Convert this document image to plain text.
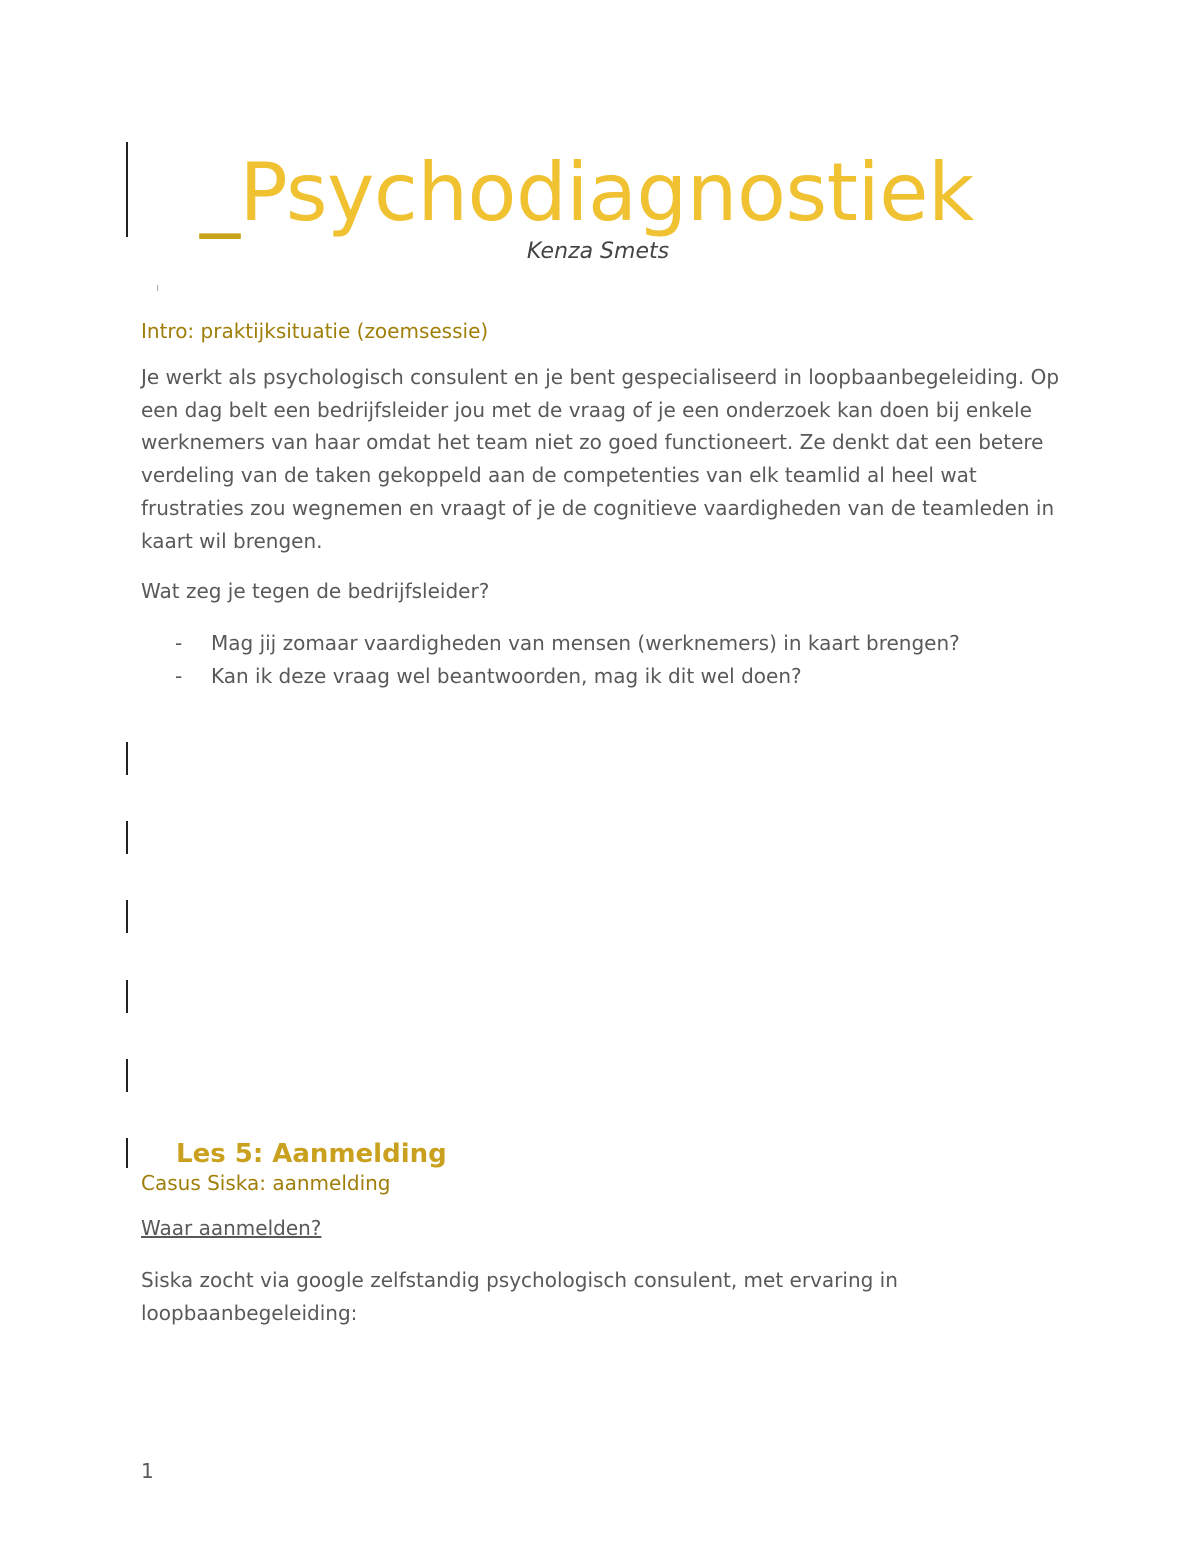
_Psychodiagnostiek
Kenza Smets
Intro: praktijksituatie (zoemsessie)

Je werkt als psychologisch consulent en je bent gespecialiseerd in loopbaanbegeleiding. Op een dag belt een bedrijfsleider jou met de vraag of je een onderzoek kan doen bij enkele werknemers van haar omdat het team niet zo goed functioneert. Ze denkt dat een betere verdeling van de taken gekoppeld aan de competenties van elk teamlid al heel wat frustraties zou wegnemen en vraagt of je de cognitieve vaardigheden van de teamleden in kaart wil brengen.

Wat zeg je tegen de bedrijfsleider?
- Mag jij zomaar vaardigheden van mensen (werknemers) in kaart brengen?
- Kan ik deze vraag wel beantwoorden, mag ik dit wel doen?
Les 5: Aanmelding
Casus Siska: aanmelding
Waar aanmelden?

Siska zocht via google zelfstandig psychologisch consulent, met ervaring in loopbaanbegeleiding:

1
